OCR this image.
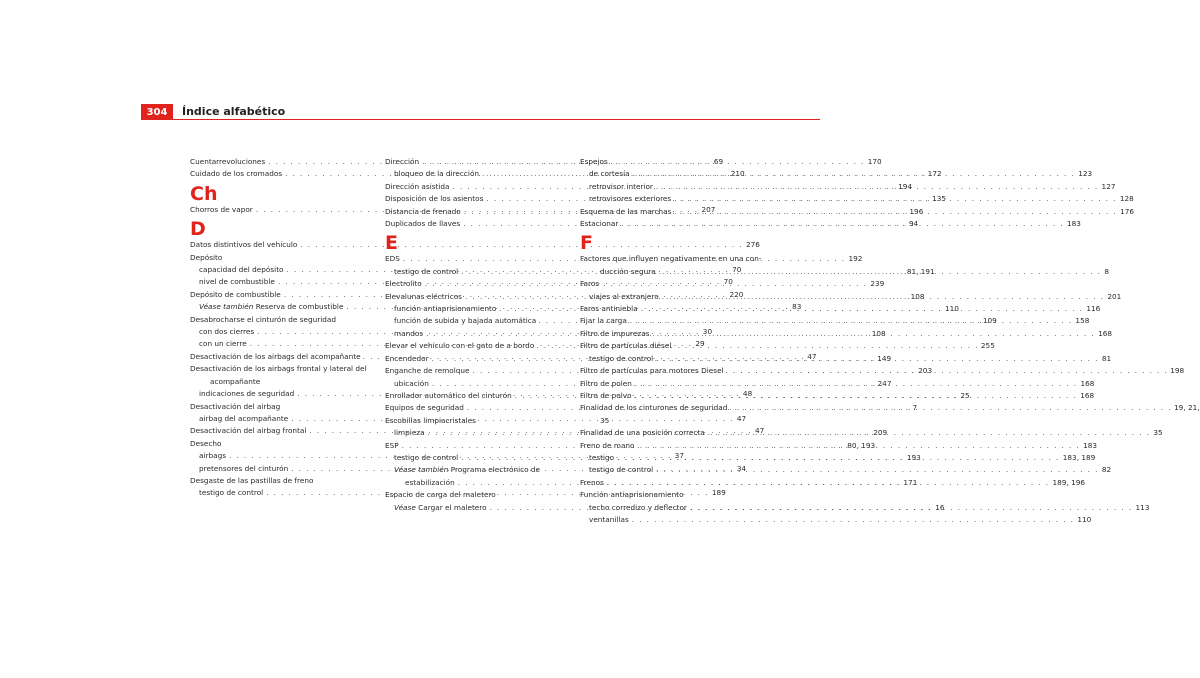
304	Índice alfabético
Cuentarrevoluciones . . .	69
Cuidado de los cromados . . .	210
Ch
Chorros de vapor . . .	207
D
Datos distintivos del vehículo . . .	276
Depósito
capacidad del depósito . . .	70
nivel de combustible . . .	70
Depósito de combustible . . .	220
Véase también Reserva de combustible . . .	83
Desabrocharse el cinturón de seguridad
con dos cierres . . .	30
con un cierre . . .	29
Desactivación de los airbags del acompañante . . .	47
Desactivación de los airbags frontal y lateral del
acompañante
indicaciones de seguridad . . .	48
Desactivación del airbag
airbag del acompañante . . .	47
Desactivación del airbag frontal . . .	47
Desecho
airbags . . .	37
pretensores del cinturón . . .	34
Desgaste de las pastillas de freno
testigo de control . . .	189
Dirección . . .	170
bloqueo de la dirección . . .	172
Dirección asistida . . .	194
Disposición de los asientos . . .	135
Distancia de frenado . . .	196
Duplicados de llaves . . .	94
E
EDS . . .	192
testigo de control . . .	81, 191
Electrolito . . .	239
Elevalunas eléctricos . . .	108
función antiaprisionamiento . . .	110
función de subida y bajada automática . . .	109
mandos . . .	108
Elevar el vehículo con el gato de a bordo . . .	255
Encendedor . . .	149
Enganche de remolque . . .	203
ubicación . . .	247
Enrollador automático del cinturón . . .	25
Equipos de seguridad . . .	7
Escobillas limpiacristales
limpieza . . .	209
ESP . . .	80, 193
testigo de control . . .	193
Véase también Programa electrónico de
estabilización . . .	171
Espacio de carga del maletero
Véase Cargar el maletero . . .	16
Espejos
de cortesía . . .	123
retrovisor interior . . .	127
retrovisores exteriores . . .	128
Esquema de las marchas . . .	176
Estacionar . . .	183
F
Factores que influyen negativamente en una con-
ducción segura . . .	8
Faros
viajes al extranjero . . .	201
Faros antiniebla . . .	116
Fijar la carga . . .	158
Filtro de impurezas . . .	168
Filtro de partículas diésel
testigo de control . . .	81
Filtro de partículas para motores Diesel . . .	198
Filtro de polen . . .	168
Filtro de polvo . . .	168
Finalidad de los cinturones de seguridad . . .	19, 21,
35
Finalidad de una posición correcta . . .	35
Freno de mano . . .	183
testigo . . .	183, 189
testigo de control . . .	82
Frenos . . .	189, 196
Función antiaprisionamiento
techo corredizo y deflector . . .	113
ventanillas . . .	110
